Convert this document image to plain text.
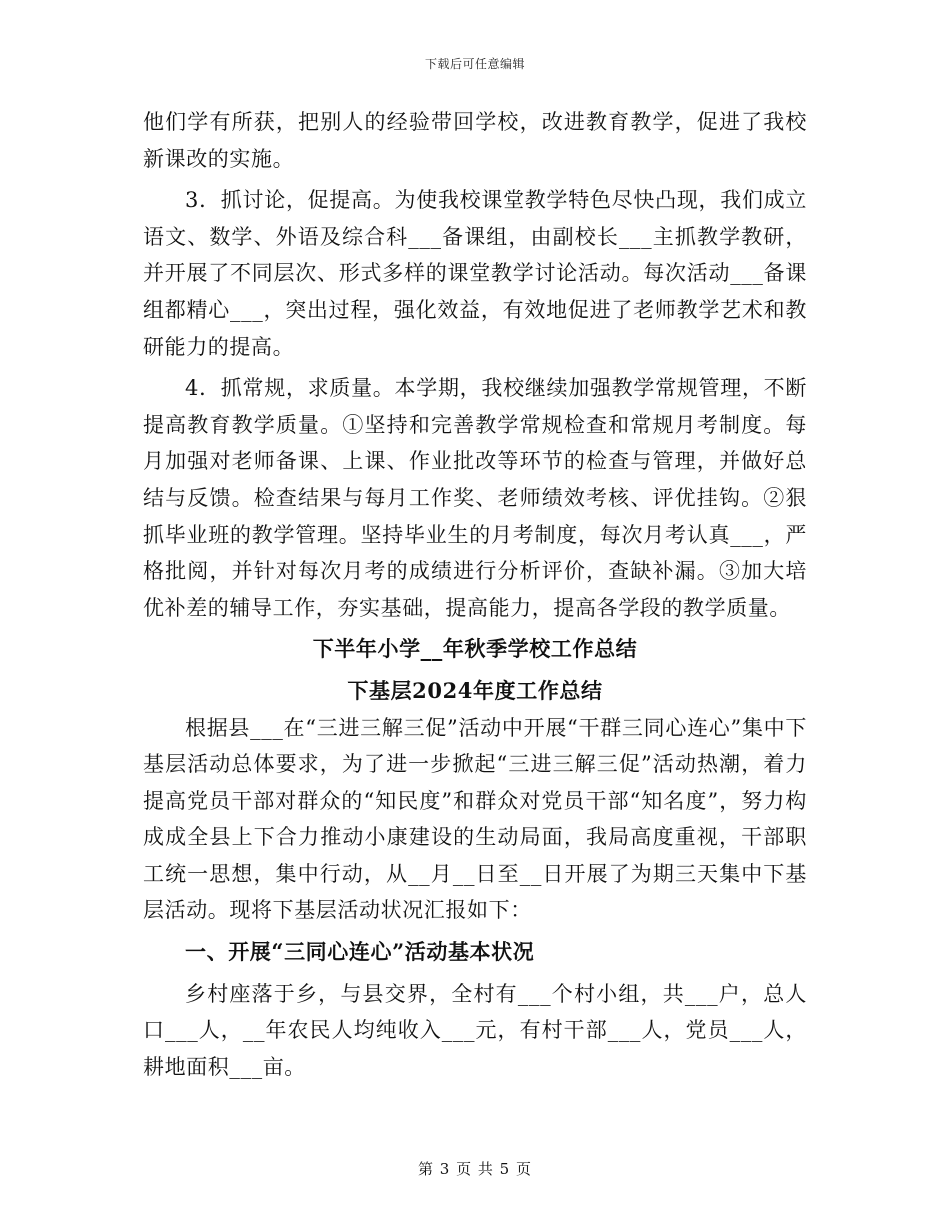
下载后可任意编辑

他们学有所获，把别人的经验带回学校，改进教育教学，促进了我校新课改的实施。

3．抓讨论，促提高。为使我校课堂教学特色尽快凸现，我们成立语文、数学、外语及综合科___备课组，由副校长___主抓教学教研，并开展了不同层次、形式多样的课堂教学讨论活动。每次活动___备课组都精心___，突出过程，强化效益，有效地促进了老师教学艺术和教研能力的提高。

4．抓常规，求质量。本学期，我校继续加强教学常规管理，不断提高教育教学质量。①坚持和完善教学常规检查和常规月考制度。每月加强对老师备课、上课、作业批改等环节的检查与管理，并做好总结与反馈。检查结果与每月工作奖、老师绩效考核、评优挂钩。②狠抓毕业班的教学管理。坚持毕业生的月考制度，每次月考认真___，严格批阅，并针对每次月考的成绩进行分析评价，查缺补漏。③加大培优补差的辅导工作，夯实基础，提高能力，提高各学段的教学质量。

下半年小学__年秋季学校工作总结

下基层2024年度工作总结

根据县___在“三进三解三促”活动中开展“干群三同心连心”集中下基层活动总体要求，为了进一步掀起“三进三解三促”活动热潮，着力提高党员干部对群众的“知民度”和群众对党员干部“知名度”，努力构成成全县上下合力推动小康建设的生动局面，我局高度重视，干部职工统一思想，集中行动，从__月__日至__日开展了为期三天集中下基层活动。现将下基层活动状况汇报如下：

一、开展“三同心连心”活动基本状况

乡村座落于乡，与县交界，全村有___个村小组，共___户，总人口___人，__年农民人均纯收入___元，有村干部___人，党员___人，耕地面积___亩。

第 3 页 共 5 页
